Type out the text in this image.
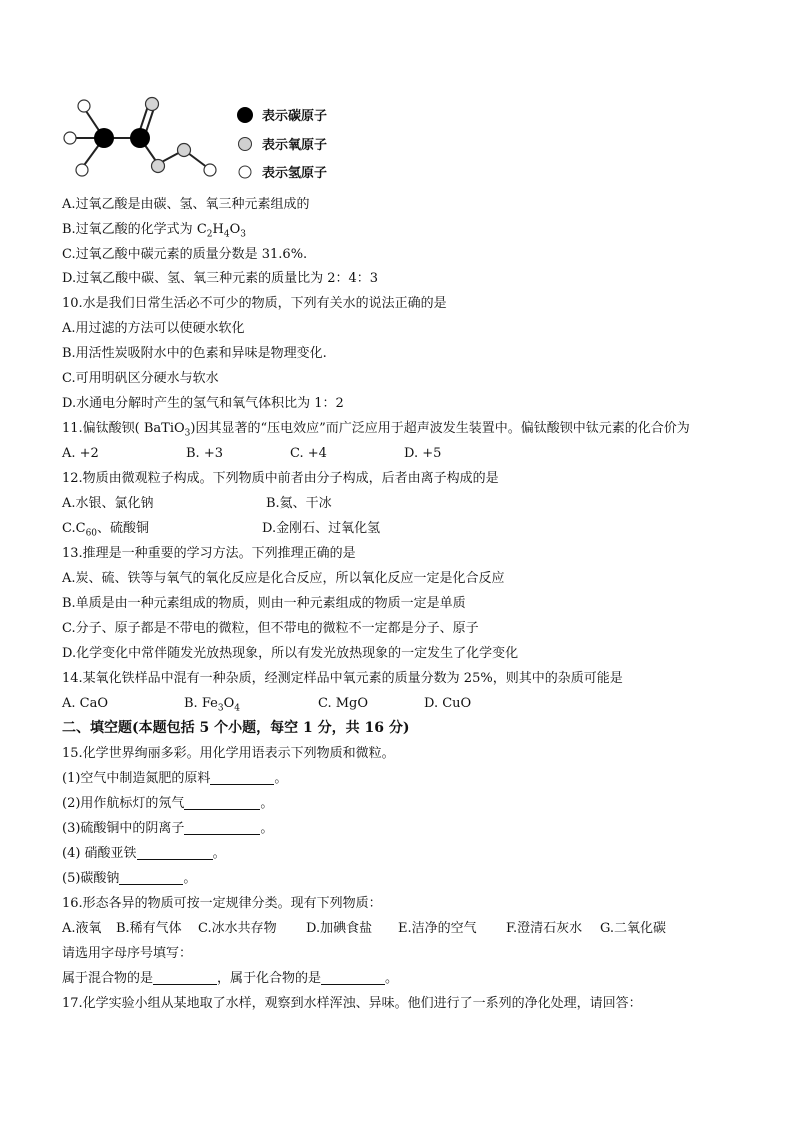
表示碳原子
表示氧原子
表示氢原子
A.过氧乙酸是由碳、氢、氧三种元素组成的
B.过氧乙酸的化学式为 $C_2H_4O_3$
C.过氧乙酸中碳元素的质量分数是 31.6%.
D.过氧乙酸中碳、氢、氧三种元素的质量比为 2：4：3
10.水是我们日常生活必不可少的物质，下列有关水的说法正确的是
A.用过滤的方法可以使硬水软化
B.用活性炭吸附水中的色素和异味是物理变化.
C.可用明矾区分硬水与软水
D.水通电分解时产生的氢气和氧气体积比为 1：2
11.偏钛酸钡( BaTiO$_3$)因其显著的“压电效应”而广泛应用于超声波发生装置中。偏钛酸钡中钛元素的化合价为
A. +2	B. +3	C. +4	D. +5
12.物质由微观粒子构成。下列物质中前者由分子构成，后者由离子构成的是
A.水银、氯化钠	B.氦、干冰
$C.C_{60}$、硫酸铜	D.金刚石、过氧化氢
13.推理是一种重要的学习方法。下列推理正确的是
A.炭、硫、铁等与氧气的氧化反应是化合反应，所以氧化反应一定是化合反应
B.单质是由一种元素组成的物质，则由一种元素组成的物质一定是单质
C.分子、原子都是不带电的微粒，但不带电的微粒不一定都是分子、原子
D.化学变化中常伴随发光放热现象，所以有发光放热现象的一定发生了化学变化
14.某氧化铁样品中混有一种杂质，经测定样品中氧元素的质量分数为 25%，则其中的杂质可能是
A. CaO	B. $Fe_3O_4$	C. MgO	D. CuO
二、填空题(本题包括 5 个小题，每空 1 分，共 16 分)
15.化学世界绚丽多彩。用化学用语表示下列物质和微粒。
(1)空气中制造氮肥的原料	。
(2)用作航标灯的氖气	。
(3)硫酸铜中的阴离子	。
(4) 硝酸亚铁	。
(5)碳酸钠	。
16.形态各异的物质可按一定规律分类。现有下列物质：
A.液氧 B.稀有气体 C.冰水共存物 D.加碘食盐 E.洁净的空气 F.澄清石灰水 G.二氧化碳
请选用字母序号填写：
属于混合物的是	，属于化合物的是	。
17.化学实验小组从某地取了水样，观察到水样浑浊、异味。他们进行了一系列的净化处理，请回答：
